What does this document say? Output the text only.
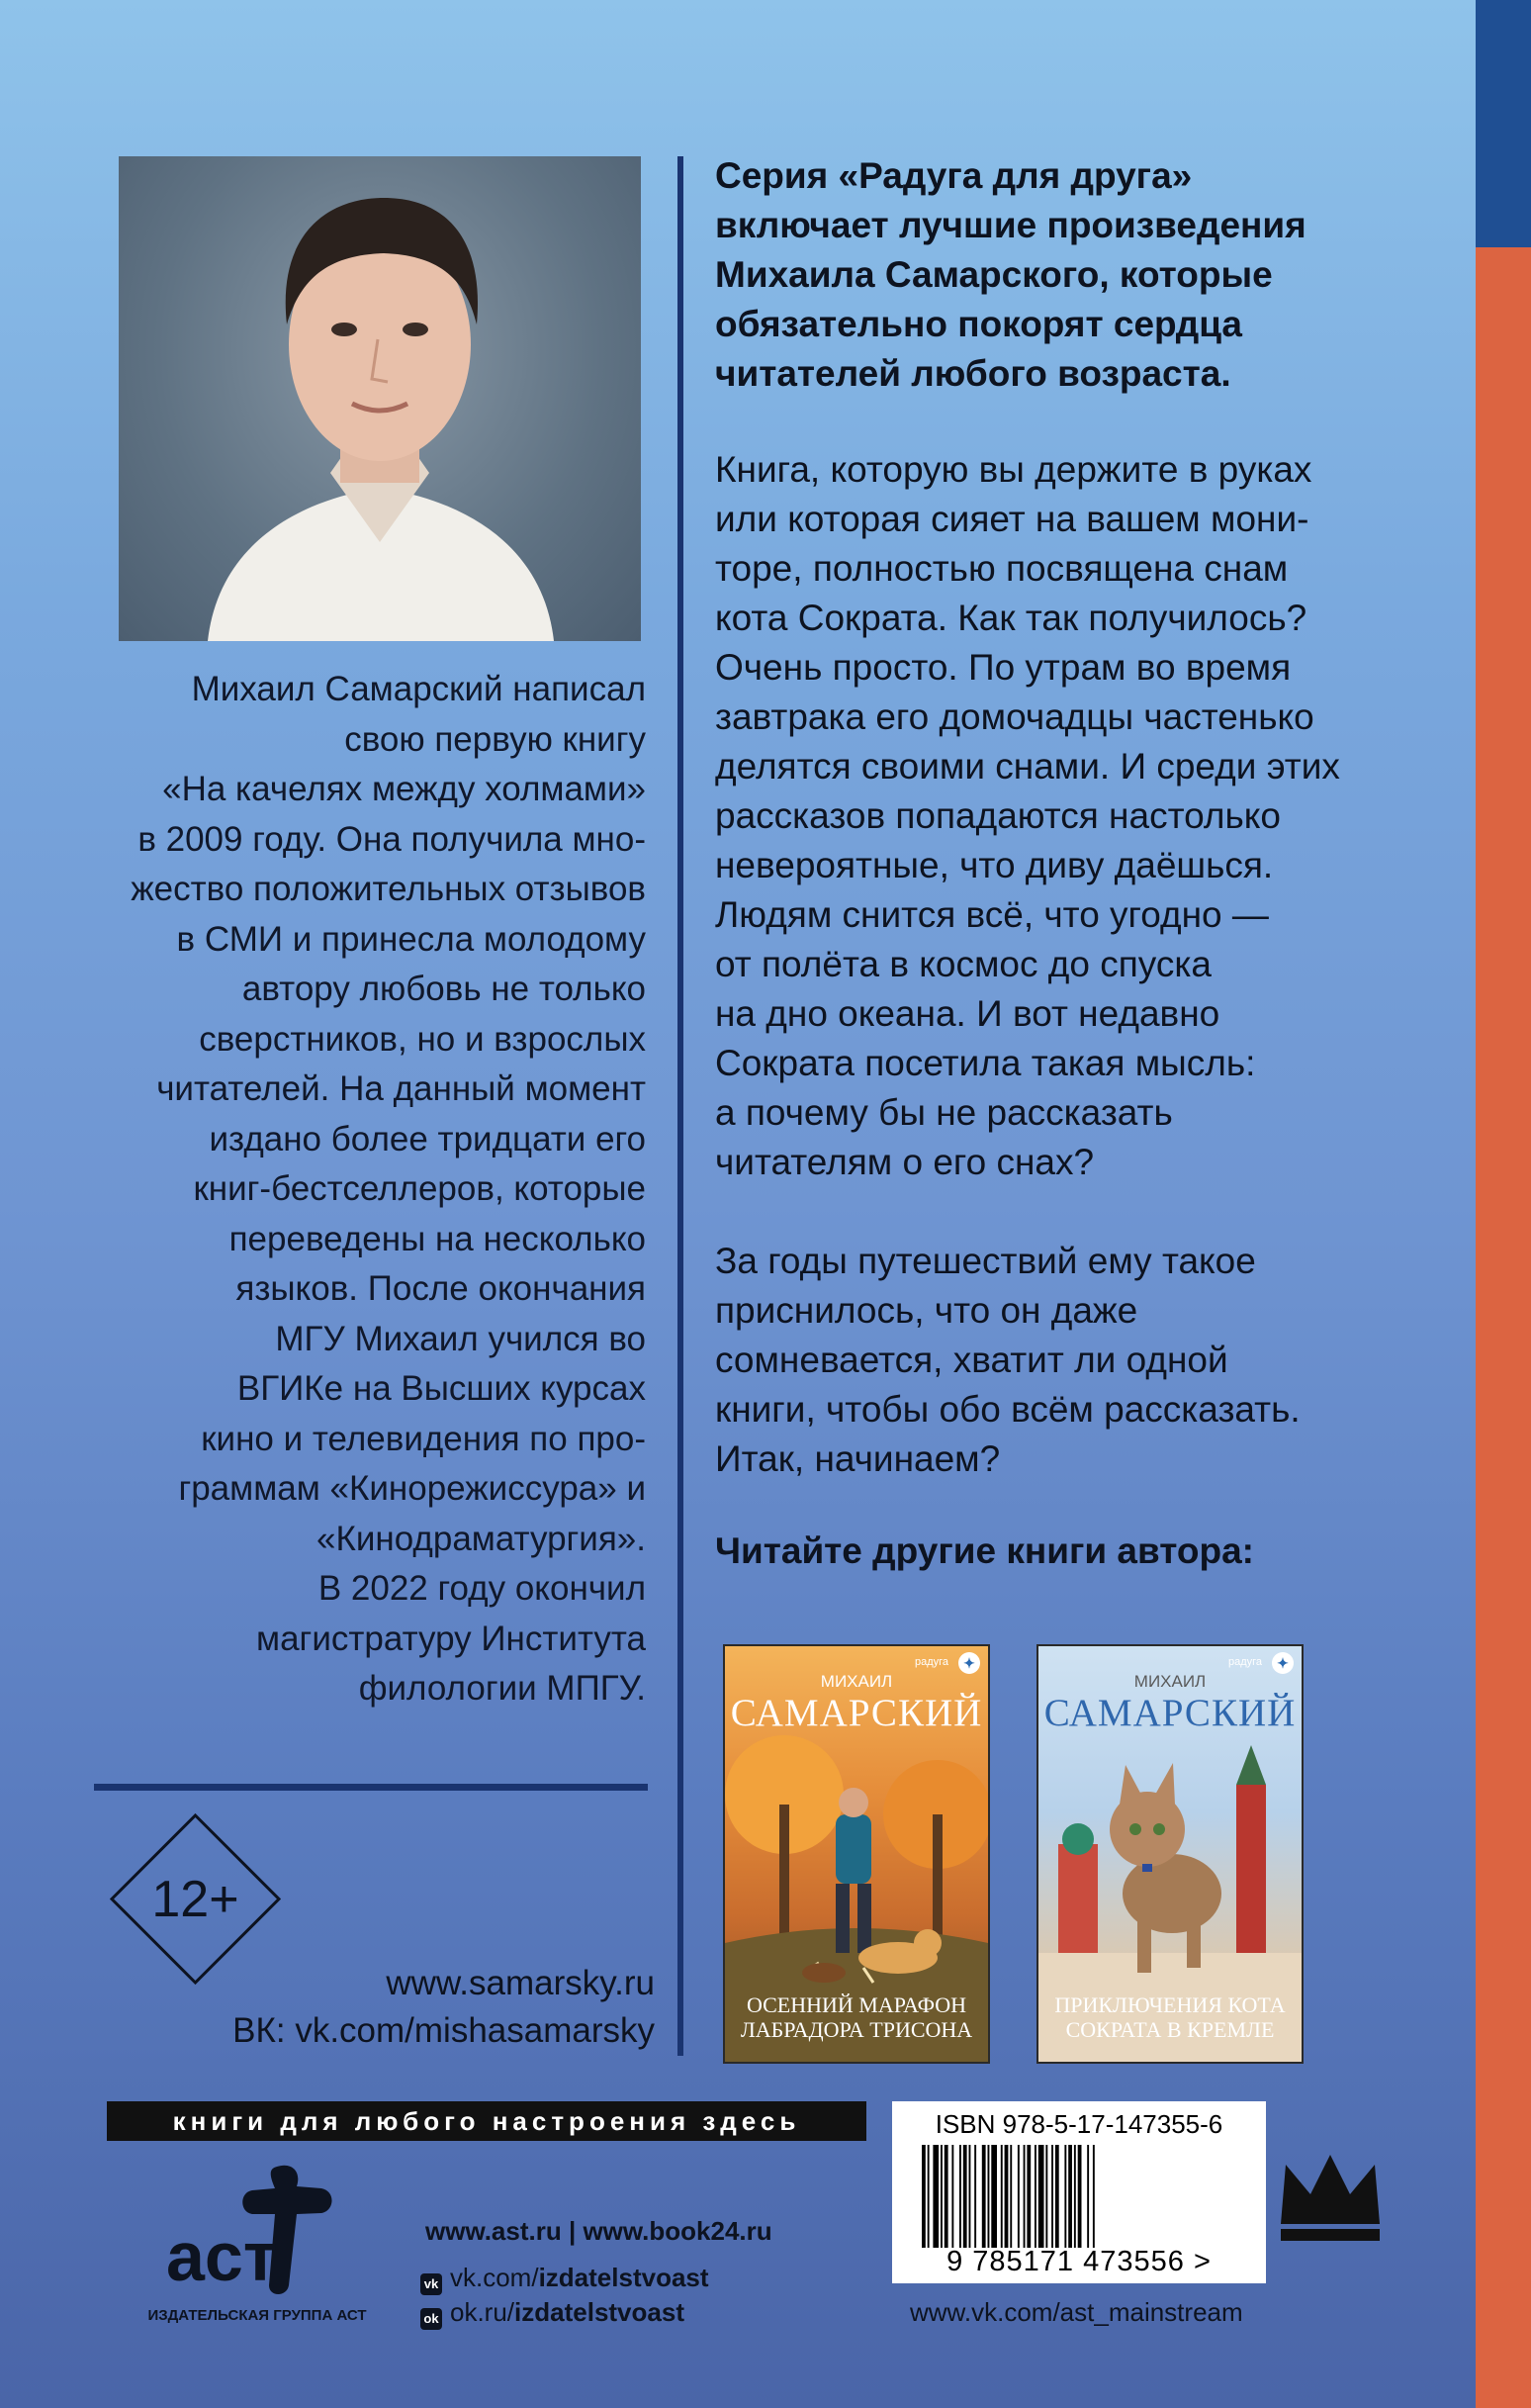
Михаил Самарский написал
свою первую книгу
«На качелях между холмами»
в 2009 году. Она получила мно-
жество положительных отзывов
в СМИ и принесла молодому
автору любовь не только
сверстников, но и взрослых
читателей. На данный момент
издано более тридцати его
книг-бестселлеров, которые
переведены на несколько
языков. После окончания
МГУ Михаил учился во
ВГИКе на Высших курсах
кино и телевидения по про-
граммам «Кинорежиссура» и
«Кинодраматургия».
В 2022 году окончил
магистратуру Института
филологии МПГУ.
12+
www.samarsky.ru
ВК: vk.com/mishasamarsky
Серия «Радуга для друга»
включает лучшие произведения
Михаила Самарского, которые
обязательно покорят сердца
читателей любого возраста.
Книга, которую вы держите в руках
или которая сияет на вашем мони-
торе, полностью посвящена снам
кота Сократа. Как так получилось?
Очень просто. По утрам во время
завтрака его домочадцы частенько
делятся своими снами. И среди этих
рассказов попадаются настолько
невероятные, что диву даёшься.
Людям снится всё, что угодно —
от полёта в космос до спуска
на дно океана. И вот недавно
Сократа посетила такая мысль:
а почему бы не рассказать
читателям о его снах?
За годы путешествий ему такое
приснилось, что он даже
сомневается, хватит ли одной
книги, чтобы обо всём рассказать.
Итак, начинаем?
Читайте другие книги автора:
радуга	✦
МИХАИЛ
САМАРСКИЙ
ОСЕННИЙ МАРАФОН
ЛАБРАДОРА ТРИСОНА
радуга	✦
МИХАИЛ
САМАРСКИЙ
ПРИКЛЮЧЕНИЯ КОТА
СОКРАТА В КРЕМЛЕ
книги для любого настроения здесь
аст
ИЗДАТЕЛЬСКАЯ ГРУППА АСТ
www.ast.ru | www.book24.ru
vk vk.com/izdatelstvoast
ok ok.ru/izdatelstvoast
ISBN 978-5-17-147355-6
9 785171 473556 >
www.vk.com/ast_mainstream
